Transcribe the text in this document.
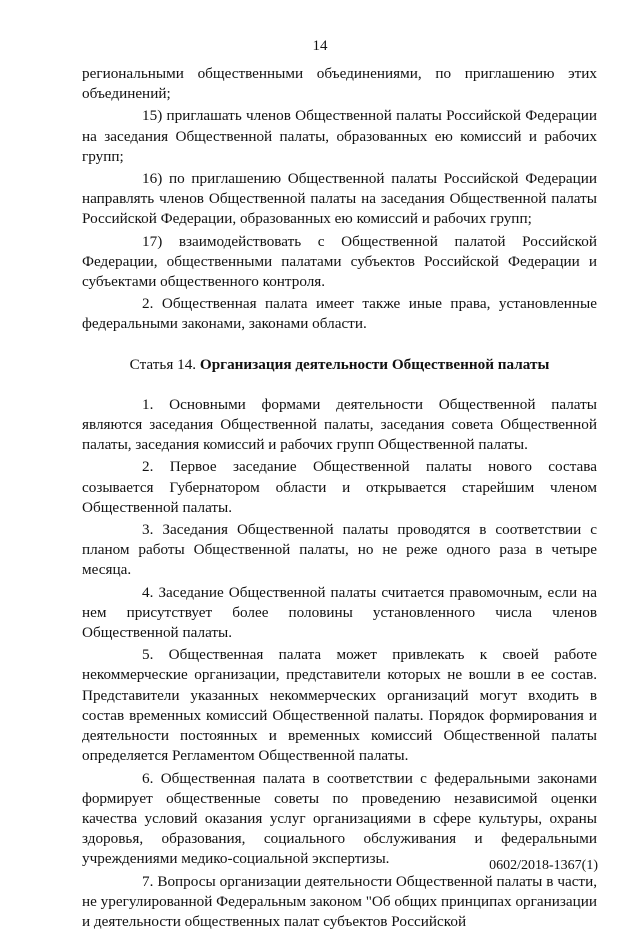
14

региональными общественными объединениями, по приглашению этих объединений;

15) приглашать членов Общественной палаты Российской Федерации на заседания Общественной палаты, образованных ею комиссий и рабочих групп;

16) по приглашению Общественной палаты Российской Федерации направлять членов Общественной палаты на заседания Общественной палаты Российской Федерации, образованных ею комиссий и рабочих групп;

17) взаимодействовать с Общественной палатой Российской Федерации, общественными палатами субъектов Российской Федерации и субъектами общественного контроля.

2. Общественная палата имеет также иные права, установленные федеральными законами, законами области.

Статья 14. Организация деятельности Общественной палаты

1. Основными формами деятельности Общественной палаты являются заседания Общественной палаты, заседания совета Общественной палаты, заседания комиссий и рабочих групп Общественной палаты.

2. Первое заседание Общественной палаты нового состава созывается Губернатором области и открывается старейшим членом Общественной палаты.

3. Заседания Общественной палаты проводятся в соответствии с планом работы Общественной палаты, но не реже одного раза в четыре месяца.

4. Заседание Общественной палаты считается правомочным, если на нем присутствует более половины установленного числа членов Общественной палаты.

5. Общественная палата может привлекать к своей работе некоммерческие организации, представители которых не вошли в ее состав. Представители указанных некоммерческих организаций могут входить в состав временных комиссий Общественной палаты. Порядок формирования и деятельности постоянных и временных комиссий Общественной палаты определяется Регламентом Общественной палаты.

6. Общественная палата в соответствии с федеральными законами формирует общественные советы по проведению независимой оценки качества условий оказания услуг организациями в сфере культуры, охраны здоровья, образования, социального обслуживания и федеральными учреждениями медико-социальной экспертизы.

7. Вопросы организации деятельности Общественной палаты в части, не урегулированной Федеральным законом "Об общих принципах организации и деятельности общественных палат субъектов Российской

0602/2018-1367(1)
